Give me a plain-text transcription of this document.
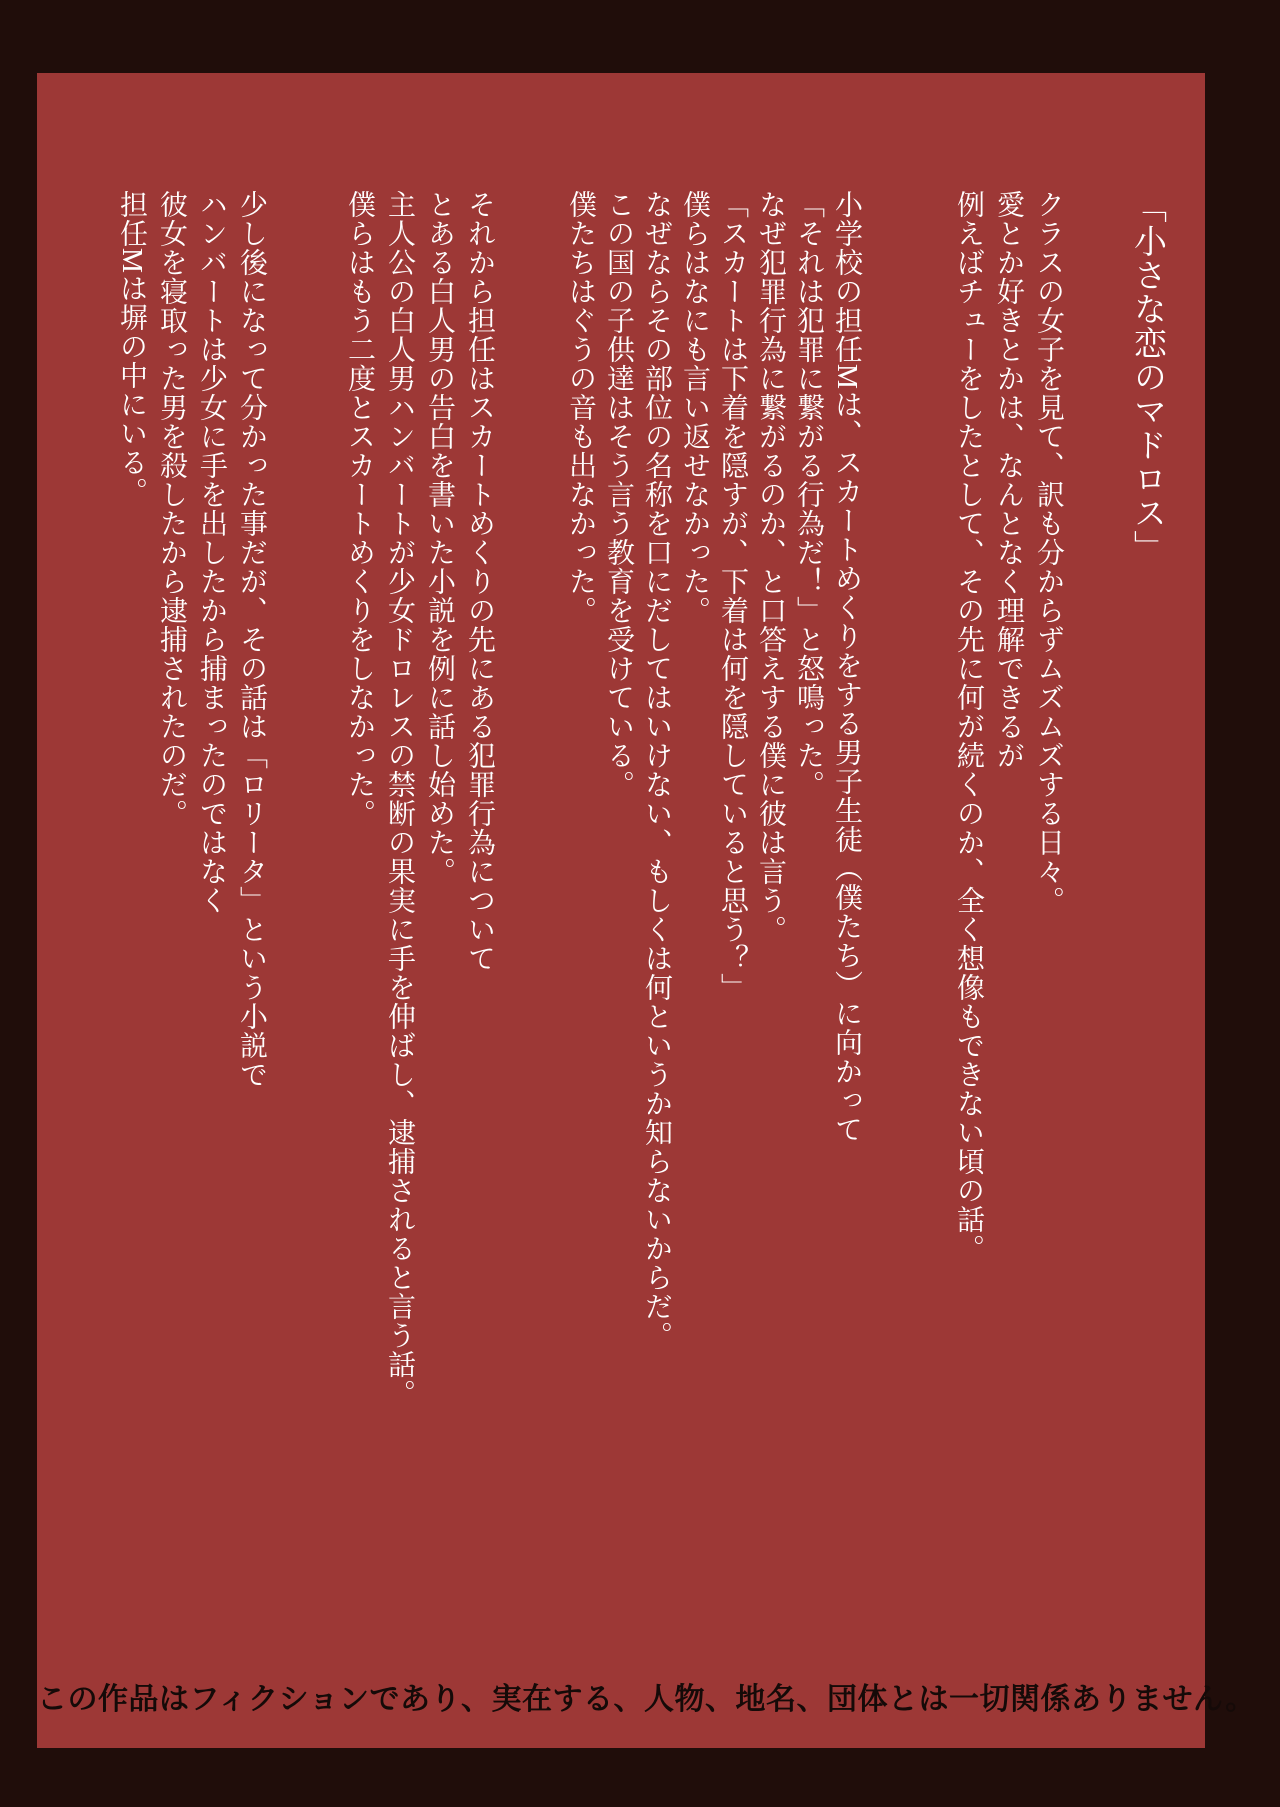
「小さな恋のマドロス」

クラスの女子を見て、訳も分からずムズムズする日々。

愛とか好きとかは、なんとなく理解できるが

例えばチューをしたとして、その先に何が続くのか、全く想像もできない頃の話。

小学校の担任Mは、スカートめくりをする男子生徒（僕たち）に向かって

「それは犯罪に繋がる行為だ！」と怒鳴った。

なぜ犯罪行為に繋がるのか、と口答えする僕に彼は言う。

「スカートは下着を隠すが、下着は何を隠していると思う？」

僕らはなにも言い返せなかった。

なぜならその部位の名称を口にだしてはいけない、もしくは何というか知らないからだ。

この国の子供達はそう言う教育を受けている。

僕たちはぐうの音も出なかった。

それから担任はスカートめくりの先にある犯罪行為について

とある白人男の告白を書いた小説を例に話し始めた。

主人公の白人男ハンバートが少女ドロレスの禁断の果実に手を伸ばし、逮捕されると言う話。

僕らはもう二度とスカートめくりをしなかった。

少し後になって分かった事だが、その話は「ロリータ」という小説で

ハンバートは少女に手を出したから捕まったのではなく

彼女を寝取った男を殺したから逮捕されたのだ。

担任Mは塀の中にいる。

この作品はフィクションであり、実在する、人物、地名、団体とは一切関係ありません。
